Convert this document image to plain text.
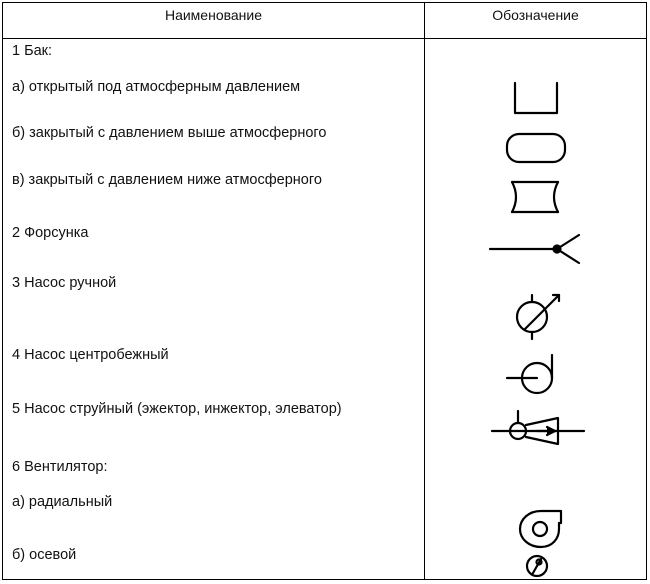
Наименование	Обозначение
1 Бак:
а) открытый под атмосферным давлением
б) закрытый с давлением выше атмосферного
в) закрытый с давлением ниже атмосферного
2 Форсунка
3 Насос ручной
4 Насос центробежный
5 Насос струйный (эжектор, инжектор, элеватор)
6 Вентилятор:
а) радиальный
б) осевой
